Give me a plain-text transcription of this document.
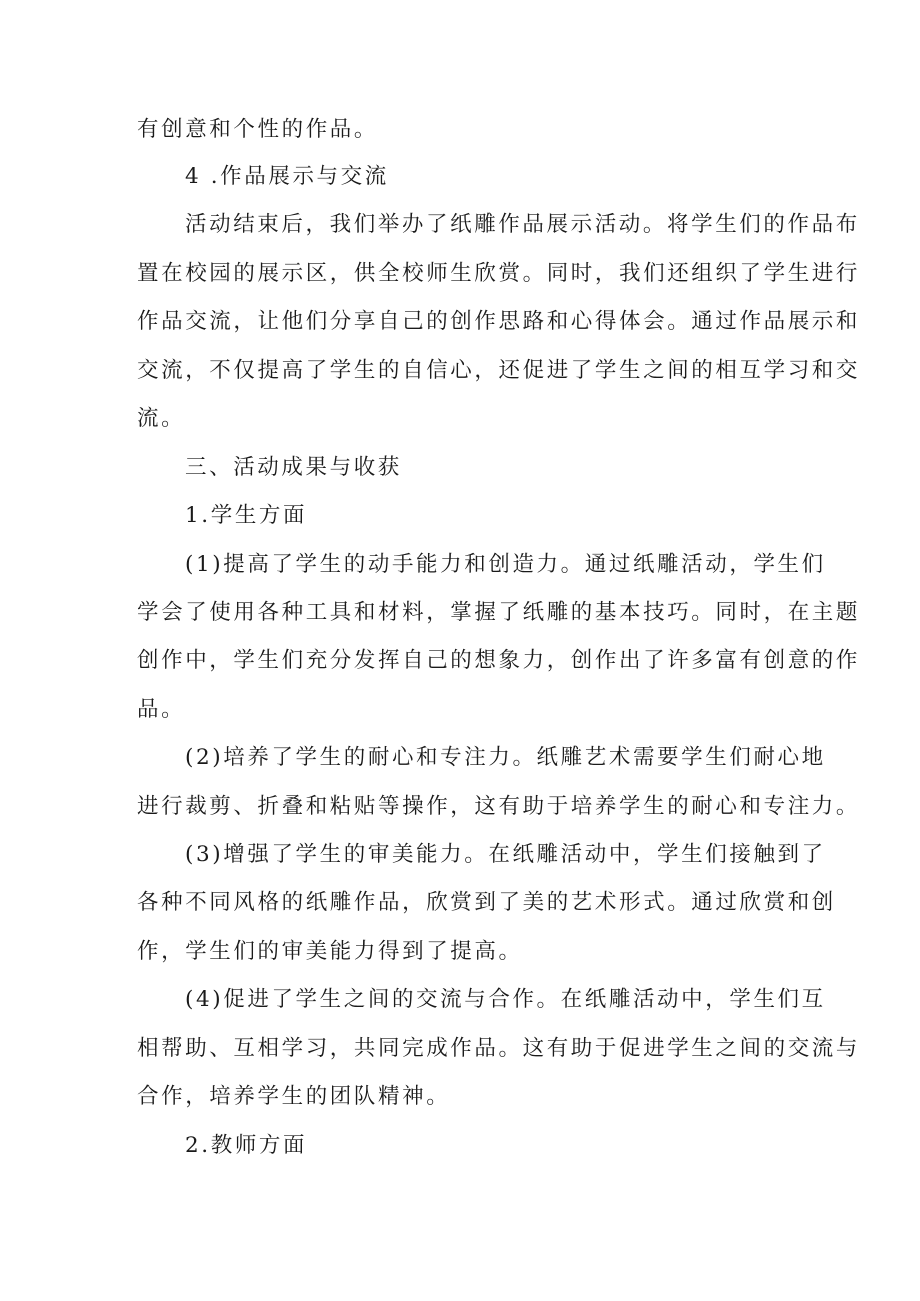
有创意和个性的作品。
4 .作品展示与交流
活动结束后，我们举办了纸雕作品展示活动。将学生们的作品布
置在校园的展示区，供全校师生欣赏。同时，我们还组织了学生进行
作品交流，让他们分享自己的创作思路和心得体会。通过作品展示和
交流，不仅提高了学生的自信心，还促进了学生之间的相互学习和交
流。
三、活动成果与收获
1.学生方面
(1)提高了学生的动手能力和创造力。通过纸雕活动，学生们
学会了使用各种工具和材料，掌握了纸雕的基本技巧。同时，在主题
创作中，学生们充分发挥自己的想象力，创作出了许多富有创意的作
品。
(2)培养了学生的耐心和专注力。纸雕艺术需要学生们耐心地
进行裁剪、折叠和粘贴等操作，这有助于培养学生的耐心和专注力。
(3)增强了学生的审美能力。在纸雕活动中，学生们接触到了
各种不同风格的纸雕作品，欣赏到了美的艺术形式。通过欣赏和创
作，学生们的审美能力得到了提高。
(4)促进了学生之间的交流与合作。在纸雕活动中，学生们互
相帮助、互相学习，共同完成作品。这有助于促进学生之间的交流与
合作，培养学生的团队精神。
2.教师方面
